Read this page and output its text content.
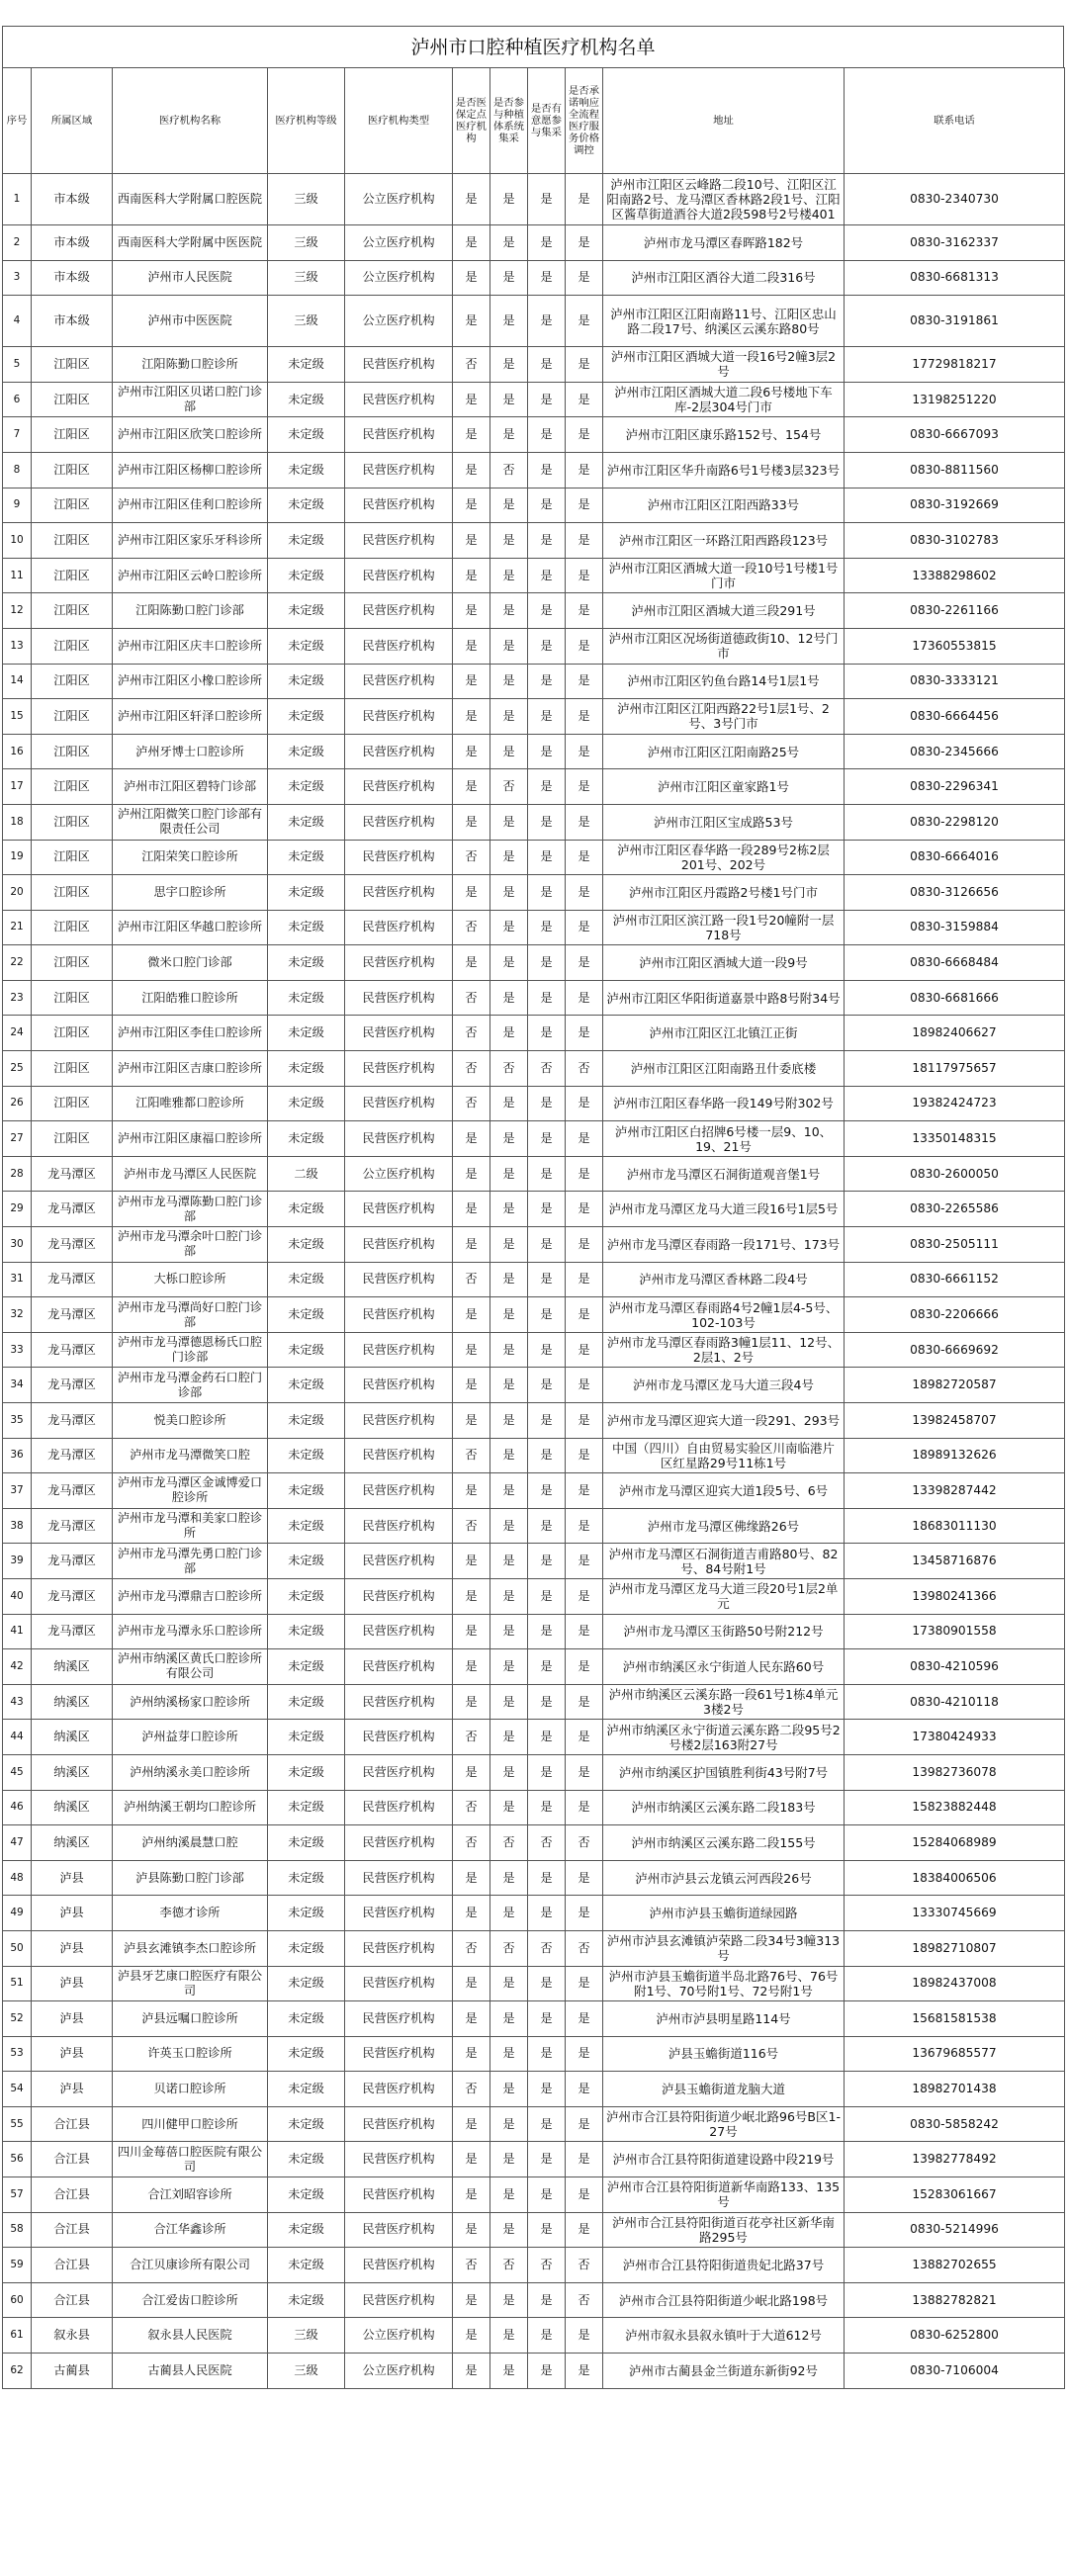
泸州市口腔种植医疗机构名单
序号	所属区域	医疗机构名称	医疗机构等级	医疗机构类型	是否医保定点医疗机构	是否参与种植体系统集采	是否有意愿参与集采	是否承诺响应全流程医疗服务价格调控	地址	联系电话
1	市本级	西南医科大学附属口腔医院	三级	公立医疗机构	是	是	是	是	泸州市江阳区云峰路二段10号、江阳区江阳南路2号、龙马潭区香林路2段1号、江阳区酱草街道酒谷大道2段598号2号楼401	0830-2340730
2	市本级	西南医科大学附属中医医院	三级	公立医疗机构	是	是	是	是	泸州市龙马潭区春晖路182号	0830-3162337
3	市本级	泸州市人民医院	三级	公立医疗机构	是	是	是	是	泸州市江阳区酒谷大道二段316号	0830-6681313
4	市本级	泸州市中医医院	三级	公立医疗机构	是	是	是	是	泸州市江阳区江阳南路11号、江阳区忠山路二段17号、纳溪区云溪东路80号	0830-3191861
5	江阳区	江阳陈勤口腔诊所	未定级	民营医疗机构	否	是	是	是	泸州市江阳区酒城大道一段16号2幢3层2号	17729818217
6	江阳区	泸州市江阳区贝诺口腔门诊部	未定级	民营医疗机构	是	是	是	是	泸州市江阳区酒城大道二段6号楼地下车库-2层304号门市	13198251220
7	江阳区	泸州市江阳区欣笑口腔诊所	未定级	民营医疗机构	是	是	是	是	泸州市江阳区康乐路152号、154号	0830-6667093
8	江阳区	泸州市江阳区杨柳口腔诊所	未定级	民营医疗机构	是	否	是	是	泸州市江阳区华升南路6号1号楼3层323号	0830-8811560
9	江阳区	泸州市江阳区佳利口腔诊所	未定级	民营医疗机构	是	是	是	是	泸州市江阳区江阳西路33号	0830-3192669
10	江阳区	泸州市江阳区家乐牙科诊所	未定级	民营医疗机构	是	是	是	是	泸州市江阳区一环路江阳西路段123号	0830-3102783
11	江阳区	泸州市江阳区云岭口腔诊所	未定级	民营医疗机构	是	是	是	是	泸州市江阳区酒城大道一段10号1号楼1号门市	13388298602
12	江阳区	江阳陈勤口腔门诊部	未定级	民营医疗机构	是	是	是	是	泸州市江阳区酒城大道三段291号	0830-2261166
13	江阳区	泸州市江阳区庆丰口腔诊所	未定级	民营医疗机构	是	是	是	是	泸州市江阳区况场街道德政街10、12号门市	17360553815
14	江阳区	泸州市江阳区小橡口腔诊所	未定级	民营医疗机构	是	是	是	是	泸州市江阳区钓鱼台路14号1层1号	0830-3333121
15	江阳区	泸州市江阳区轩泽口腔诊所	未定级	民营医疗机构	是	是	是	是	泸州市江阳区江阳西路22号1层1号、2号、3号门市	0830-6664456
16	江阳区	泸州牙博士口腔诊所	未定级	民营医疗机构	是	是	是	是	泸州市江阳区江阳南路25号	0830-2345666
17	江阳区	泸州市江阳区碧特门诊部	未定级	民营医疗机构	是	否	是	是	泸州市江阳区童家路1号	0830-2296341
18	江阳区	泸州江阳微笑口腔门诊部有限责任公司	未定级	民营医疗机构	是	是	是	是	泸州市江阳区宝成路53号	0830-2298120
19	江阳区	江阳荣笑口腔诊所	未定级	民营医疗机构	否	是	是	是	泸州市江阳区春华路一段289号2栋2层201号、202号	0830-6664016
20	江阳区	思宇口腔诊所	未定级	民营医疗机构	是	是	是	是	泸州市江阳区丹霞路2号楼1号门市	0830-3126656
21	江阳区	泸州市江阳区华越口腔诊所	未定级	民营医疗机构	否	是	是	是	泸州市江阳区滨江路一段1号20幢附一层718号	0830-3159884
22	江阳区	微米口腔门诊部	未定级	民营医疗机构	是	是	是	是	泸州市江阳区酒城大道一段9号	0830-6668484
23	江阳区	江阳皓雅口腔诊所	未定级	民营医疗机构	否	是	是	是	泸州市江阳区华阳街道嘉景中路8号附34号	0830-6681666
24	江阳区	泸州市江阳区李佳口腔诊所	未定级	民营医疗机构	否	是	是	是	泸州市江阳区江北镇江正街	18982406627
25	江阳区	泸州市江阳区吉康口腔诊所	未定级	民营医疗机构	否	否	否	否	泸州市江阳区江阳南路丑什委底楼	18117975657
26	江阳区	江阳唯雅都口腔诊所	未定级	民营医疗机构	否	是	是	是	泸州市江阳区春华路一段149号附302号	19382424723
27	江阳区	泸州市江阳区康福口腔诊所	未定级	民营医疗机构	是	是	是	是	泸州市江阳区白招牌6号楼一层9、10、19、21号	13350148315
28	龙马潭区	泸州市龙马潭区人民医院	二级	公立医疗机构	是	是	是	是	泸州市龙马潭区石洞街道观音堡1号	0830-2600050
29	龙马潭区	泸州市龙马潭陈勤口腔门诊部	未定级	民营医疗机构	是	是	是	是	泸州市龙马潭区龙马大道三段16号1层5号	0830-2265586
30	龙马潭区	泸州市龙马潭余叶口腔门诊部	未定级	民营医疗机构	是	是	是	是	泸州市龙马潭区春雨路一段171号、173号	0830-2505111
31	龙马潭区	大栎口腔诊所	未定级	民营医疗机构	否	是	是	是	泸州市龙马潭区香林路二段4号	0830-6661152
32	龙马潭区	泸州市龙马潭尚好口腔门诊部	未定级	民营医疗机构	是	是	是	是	泸州市龙马潭区春雨路4号2幢1层4-5号、102-103号	0830-2206666
33	龙马潭区	泸州市龙马潭德恩杨氏口腔门诊部	未定级	民营医疗机构	是	是	是	是	泸州市龙马潭区春雨路3幢1层11、12号、2层1、2号	0830-6669692
34	龙马潭区	泸州市龙马潭金药石口腔门诊部	未定级	民营医疗机构	是	是	是	是	泸州市龙马潭区龙马大道三段4号	18982720587
35	龙马潭区	悦美口腔诊所	未定级	民营医疗机构	是	是	是	是	泸州市龙马潭区迎宾大道一段291、293号	13982458707
36	龙马潭区	泸州市龙马潭微笑口腔	未定级	民营医疗机构	否	是	是	是	中国（四川）自由贸易实验区川南临港片区红星路29号11栋1号	18989132626
37	龙马潭区	泸州市龙马潭区金诚博爱口腔诊所	未定级	民营医疗机构	是	是	是	是	泸州市龙马潭区迎宾大道1段5号、6号	13398287442
38	龙马潭区	泸州市龙马潭和美家口腔诊所	未定级	民营医疗机构	否	是	是	是	泸州市龙马潭区佛缘路26号	18683011130
39	龙马潭区	泸州市龙马潭先勇口腔门诊部	未定级	民营医疗机构	是	是	是	是	泸州市龙马潭区石洞街道吉甫路80号、82号、84号附1号	13458716876
40	龙马潭区	泸州市龙马潭鼎吉口腔诊所	未定级	民营医疗机构	是	是	是	是	泸州市龙马潭区龙马大道三段20号1层2单元	13980241366
41	龙马潭区	泸州市龙马潭永乐口腔诊所	未定级	民营医疗机构	是	是	是	是	泸州市龙马潭区玉街路50号附212号	17380901558
42	纳溪区	泸州市纳溪区黄氏口腔诊所有限公司	未定级	民营医疗机构	是	是	是	是	泸州市纳溪区永宁街道人民东路60号	0830-4210596
43	纳溪区	泸州纳溪杨家口腔诊所	未定级	民营医疗机构	是	是	是	是	泸州市纳溪区云溪东路一段61号1栋4单元3楼2号	0830-4210118
44	纳溪区	泸州益芽口腔诊所	未定级	民营医疗机构	否	是	是	是	泸州市纳溪区永宁街道云溪东路二段95号2号楼2层163附27号	17380424933
45	纳溪区	泸州纳溪永美口腔诊所	未定级	民营医疗机构	是	是	是	是	泸州市纳溪区护国镇胜利街43号附7号	13982736078
46	纳溪区	泸州纳溪王朝均口腔诊所	未定级	民营医疗机构	否	是	是	是	泸州市纳溪区云溪东路二段183号	15823882448
47	纳溪区	泸州纳溪晨慧口腔	未定级	民营医疗机构	否	否	否	否	泸州市纳溪区云溪东路二段155号	15284068989
48	泸县	泸县陈勤口腔门诊部	未定级	民营医疗机构	是	是	是	是	泸州市泸县云龙镇云河西段26号	18384006506
49	泸县	李德才诊所	未定级	民营医疗机构	是	是	是	是	泸州市泸县玉蟾街道绿园路	13330745669
50	泸县	泸县玄滩镇李杰口腔诊所	未定级	民营医疗机构	否	否	否	否	泸州市泸县玄滩镇泸荣路二段34号3幢313号	18982710807
51	泸县	泸县牙艺康口腔医疗有限公司	未定级	民营医疗机构	是	是	是	是	泸州市泸县玉蟾街道半岛北路76号、76号附1号、70号附1号、72号附1号	18982437008
52	泸县	泸县远嘱口腔诊所	未定级	民营医疗机构	是	是	是	是	泸州市泸县明星路114号	15681581538
53	泸县	许英玉口腔诊所	未定级	民营医疗机构	是	是	是	是	泸县玉蟾街道116号	13679685577
54	泸县	贝诺口腔诊所	未定级	民营医疗机构	否	是	是	是	泸县玉蟾街道龙脑大道	18982701438
55	合江县	四川健甲口腔诊所	未定级	民营医疗机构	是	是	是	是	泸州市合江县符阳街道少岷北路96号B区1-27号	0830-5858242
56	合江县	四川金莓蓓口腔医院有限公司	未定级	民营医疗机构	是	是	是	是	泸州市合江县符阳街道建设路中段219号	13982778492
57	合江县	合江刘昭容诊所	未定级	民营医疗机构	是	是	是	是	泸州市合江县符阳街道新华南路133、135号	15283061667
58	合江县	合江华鑫诊所	未定级	民营医疗机构	是	是	是	是	泸州市合江县符阳街道百花亭社区新华南路295号	0830-5214996
59	合江县	合江贝康诊所有限公司	未定级	民营医疗机构	否	否	否	否	泸州市合江县符阳街道贵妃北路37号	13882702655
60	合江县	合江爱齿口腔诊所	未定级	民营医疗机构	是	是	是	否	泸州市合江县符阳街道少岷北路198号	13882782821
61	叙永县	叙永县人民医院	三级	公立医疗机构	是	是	是	是	泸州市叙永县叙永镇叶于大道612号	0830-6252800
62	古蔺县	古蔺县人民医院	三级	公立医疗机构	是	是	是	是	泸州市古蔺县金兰街道东新街92号	0830-7106004
